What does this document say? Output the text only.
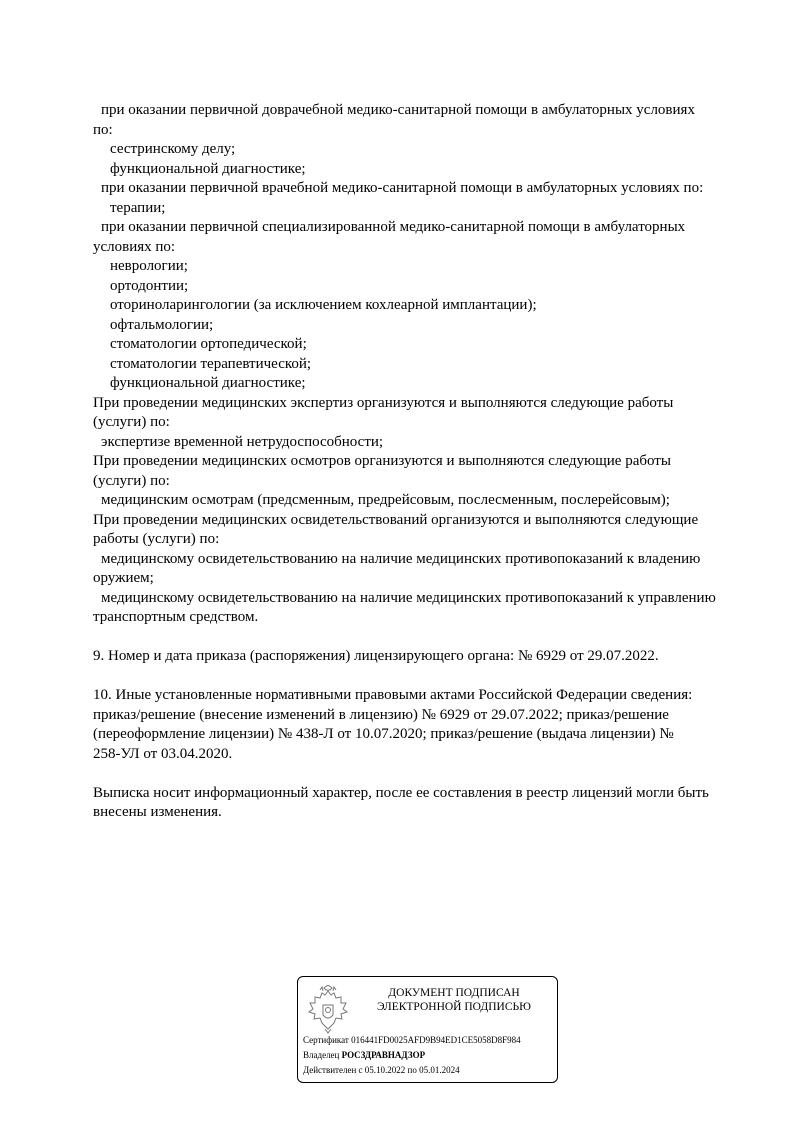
при оказании первичной доврачебной медико-санитарной помощи в амбулаторных условиях
по:
сестринскому делу;
функциональной диагностике;
при оказании первичной врачебной медико-санитарной помощи в амбулаторных условиях по:
терапии;
при оказании первичной специализированной медико-санитарной помощи в амбулаторных
условиях по:
неврологии;
ортодонтии;
оториноларингологии (за исключением кохлеарной имплантации);
офтальмологии;
стоматологии ортопедической;
стоматологии терапевтической;
функциональной диагностике;
При проведении медицинских экспертиз организуются и выполняются следующие работы
(услуги) по:
экспертизе временной нетрудоспособности;
При проведении медицинских осмотров организуются и выполняются следующие работы
(услуги) по:
медицинским осмотрам (предсменным, предрейсовым, послесменным, послерейсовым);
При проведении медицинских освидетельствований организуются и выполняются следующие
работы (услуги) по:
медицинскому освидетельствованию на наличие медицинских противопоказаний к владению
оружием;
медицинскому освидетельствованию на наличие медицинских противопоказаний к управлению
транспортным средством.
9. Номер и дата приказа (распоряжения) лицензирующего органа: № 6929 от 29.07.2022.
10. Иные установленные нормативными правовыми актами Российской Федерации сведения:
приказ/решение (внесение изменений в лицензию) № 6929 от 29.07.2022; приказ/решение
(переоформление лицензии) № 438-Л от 10.07.2020; приказ/решение (выдача лицензии) №
258-УЛ от 03.04.2020.
Выписка носит информационный характер, после ее составления в реестр лицензий могли быть
внесены изменения.
ДОКУМЕНТ ПОДПИСАН
ЭЛЕКТРОННОЙ ПОДПИСЬЮ
Сертификат 016441FD0025AFD9B94ED1CE5058D8F984
Владелец РОСЗДРАВНАДЗОР
Действителен с 05.10.2022 по 05.01.2024
